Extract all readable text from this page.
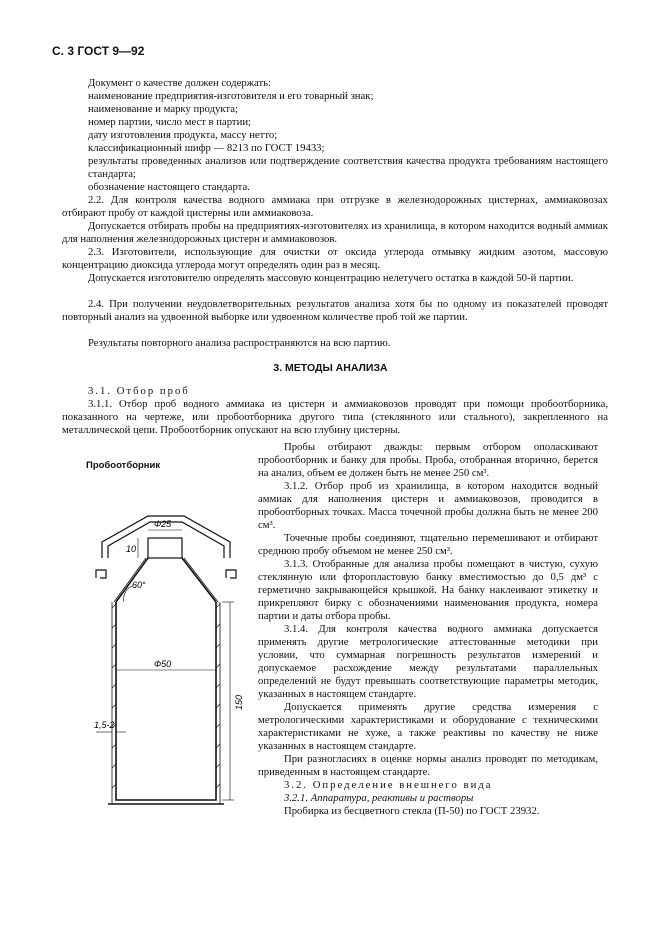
С. 3 ГОСТ 9—92

Документ о качестве должен содержать:

наименование предприятия-изготовителя и его товарный знак;

наименование и марку продукта;

номер партии, число мест в партии;

дату изготовления продукта, массу нетто;

классификационный шифр — 8213 по ГОСТ 19433;

результаты проведенных анализов или подтверждение соответствия качества продукта требованиям настоящего стандарта;

обозначение настоящего стандарта.

2.2. Для контроля качества водного аммиака при отгрузке в железнодорожных цистернах, аммиаковозах отбирают пробу от каждой цистерны или аммиаковоза.

Допускается отбирать пробы на предприятиях-изготовителях из хранилища, в котором находится водный аммиак для наполнения железнодорожных цистерн и аммиаковозов.

2.3. Изготовители, использующие для очистки от оксида углерода отмывку жидким азотом, массовую концентрацию диоксида углерода могут определять один раз в месяц.

Допускается изготовителю определять массовую концентрацию нелетучего остатка в каждой 50-й партии.

2.4. При получении неудовлетворительных результатов анализа хотя бы по одному из показателей проводят повторный анализ на удвоенной выборке или удвоенном количестве проб той же партии.

Результаты повторного анализа распространяются на всю партию.

3. МЕТОДЫ АНАЛИЗА

3.1. Отбор проб

3.1.1. Отбор проб водного аммиака из цистерн и аммиаковозов проводят при помощи пробоотборника, показанного на чертеже, или пробоотборника другого типа (стеклянного или стального), закрепленного на металлической цепи. Пробоотборник опускают на всю глубину цистерны.

Пробоотборник
Ф25
10
60°
Ф50
150
1,5-2

Пробы отбирают дважды: первым отбором ополаскивают пробоотборник и банку для пробы. Проба, отобранная вторично, берется на анализ, объем ее должен быть не менее 250 см³.

3.1.2. Отбор проб из хранилища, в котором находится водный аммиак для наполнения цистерн и аммиаковозов, проводится в пробоотборных точках. Масса точечной пробы должна быть не менее 200 см³.

Точечные пробы соединяют, тщательно перемешивают и отбирают среднюю пробу объемом не менее 250 см³.

3.1.3. Отобранные для анализа пробы помещают в чистую, сухую стеклянную или фторопластовую банку вместимостью до 0,5 дм³ с герметично закрывающейся крышкой. На банку наклеивают этикетку и прикрепляют бирку с обозначениями наименования продукта, номера партии и даты отбора пробы.

3.1.4. Для контроля качества водного аммиака допускается применять другие метрологические аттестованные методики при условии, что суммарная погрешность результатов измерений и допускаемое расхождение между результатами параллельных определений не будут превышать соответствующие параметры методик, указанных в настоящем стандарте.

Допускается применять другие средства измерения с метрологическими характеристиками и оборудование с техническими характеристиками не хуже, а также реактивы по качеству не ниже указанных в настоящем стандарте.

При разногласиях в оценке нормы анализ проводят по методикам, приведенным в настоящем стандарте.

3.2. Определение внешнего вида

3.2.1. Аппаратура, реактивы и растворы

Пробирка из бесцветного стекла (П-50) по ГОСТ 23932.
